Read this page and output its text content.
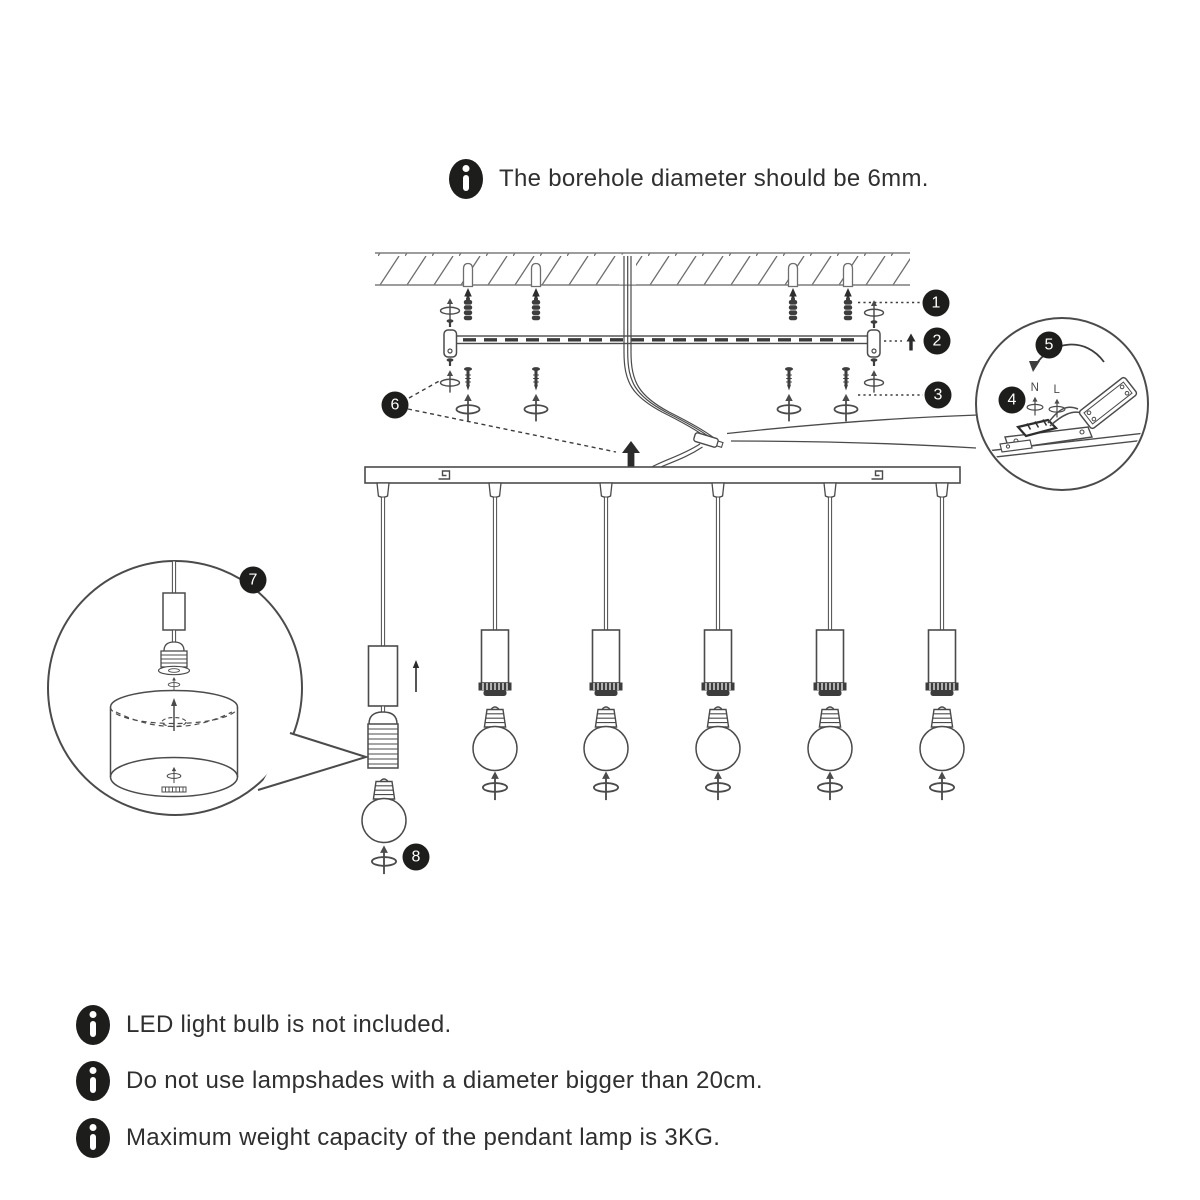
1
2
3	4
5
6
7
8
N L
The borehole diameter should be 6mm.
LED light bulb is not included.
Do not use lampshades with a diameter bigger than 20cm.
Maximum weight capacity of the pendant lamp is 3KG.
